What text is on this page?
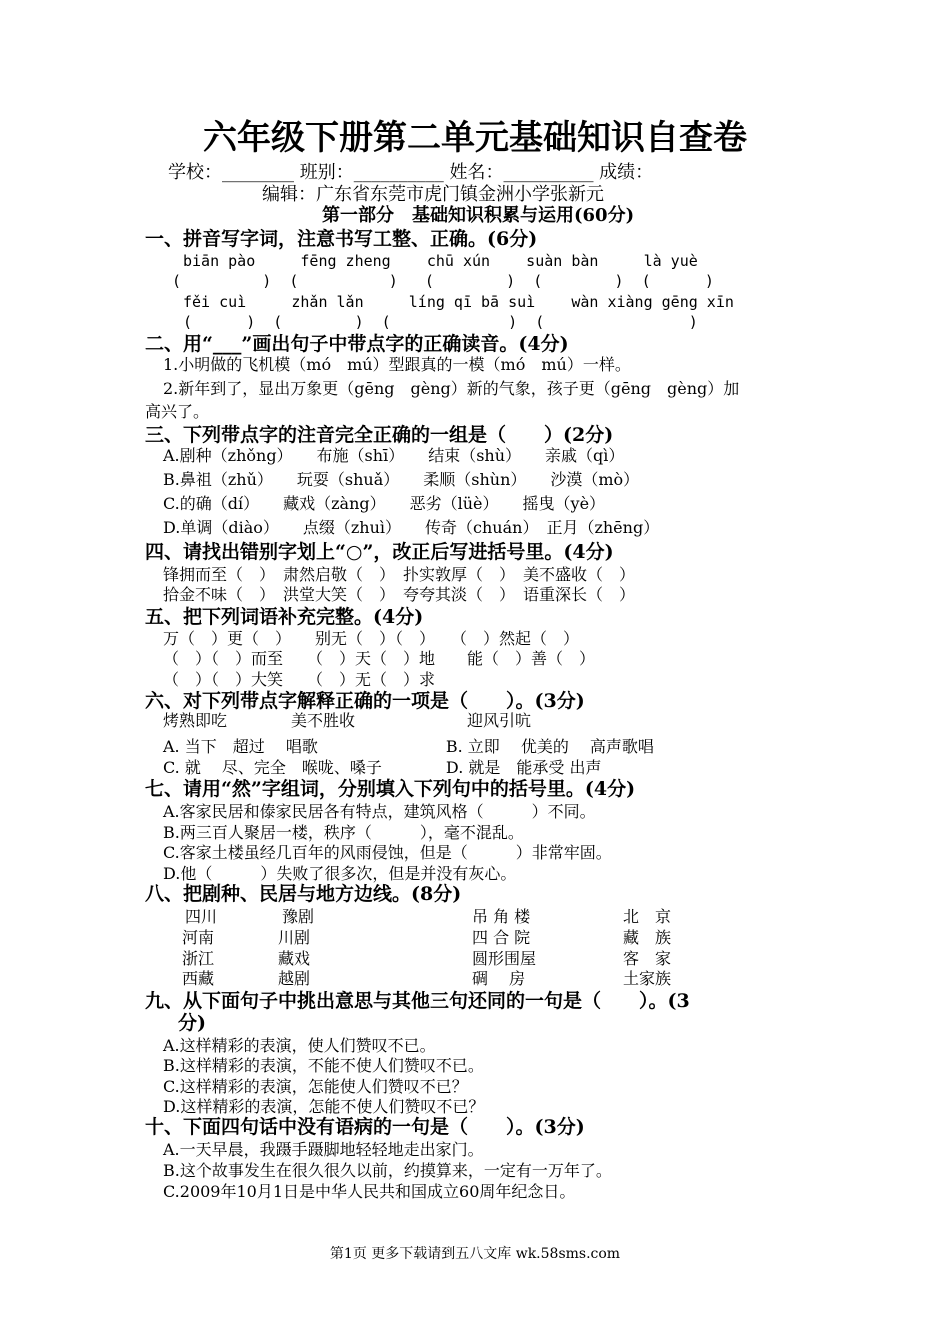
六年级下册第二单元基础知识自查卷
学校：________ 班别：__________ 姓名：__________ 成绩：
编辑：广东省东莞市虎门镇金洲小学张新元
第一部分　基础知识积累与运用(60分)
一、拼音写字词，注意书写工整、正确。(6分)
biān pào     fēng zheng    chū xún    suàn bàn     là yuè
(         )  (          )   (        )  (        )  (      )
fěi cuì     zhǎn lǎn     líng qī bā suì    wàn xiàng gēng xīn
(      )  (        )  (             )  (                )
二、用“___”画出句子中带点字的正确读音。(4分)
1.小明做的飞机模（mó　mú）型跟真的一模（mó　mú）一样。
2.新年到了，显出万象更（gēng　gèng）新的气象，孩子更（gēng　gèng）加
高兴了。
三、下列带点字的注音完全正确的一组是（　　）(2分)
A.剧种（zhǒng）　　布施（shī）　　结束（shù）　　亲戚（qì）
B.鼻祖（zhǔ）　　玩耍（shuǎ）　　柔顺（shùn）　　沙漠（mò）
C.的确（dí）　　藏戏（zàng）　　恶劣（lüè）　　摇曳（yè）
D.单调（diào）　　点缀（zhuì）　　传奇（chuán）　正月（zhēng）
四、请找出错别字划上“○”，改正后写进括号里。(4分)
锋拥而至（　）　肃然启敬（　）　扑实敦厚（　）　美不盛收（　）
拾金不味（　）　洪堂大笑（　）　夸夸其淡（　）　语重深长（　）
五、把下列词语补充完整。(4分)
万（　）更（　）　　别无（　）（　）　　（　）然起（　）
（　）（　）而至　　（　）天（　）地　　能（　）善（　）
（　）（　）大笑　　（　）无（　）求
六、对下列带点字解释正确的一项是（　　）。(3分)
烤熟即吃　　　　美不胜收　　　　　　　迎风引吭
A. 当下　超过　 唱歌　　　　　　　　B. 立即　 优美的　 高声歌唱
C. 就　 尽、完全　喉咙、嗓子　　　　D. 就是　能承受 出声
七、请用“然”字组词，分别填入下列句中的括号里。(4分)
A.客家民居和傣家民居各有特点，建筑风格（　　　）不同。
B.两三百人聚居一楼，秩序（　　　），毫不混乱。
C.客家土楼虽经几百年的风雨侵蚀，但是（　　　）非常牢固。
D.他（　　　）失败了很多次，但是并没有灰心。
八、把剧种、民居与地方边线。(8分)
四川
河南
浙江
西藏
豫剧
川剧
藏戏
越剧
吊 角 楼
四 合 院
圆形围屋
碉　 房
北　京
藏　族
客　家
土家族
九、从下面句子中挑出意思与其他三句还同的一句是（　　）。(3
分)
A.这样精彩的表演，使人们赞叹不已。
B.这样精彩的表演，不能不使人们赞叹不已。
C.这样精彩的表演，怎能使人们赞叹不已？
D.这样精彩的表演，怎能不使人们赞叹不已？
十、下面四句话中没有语病的一句是（　　）。(3分)
A.一天早晨，我蹑手蹑脚地轻轻地走出家门。
B.这个故事发生在很久很久以前，约摸算来，一定有一万年了。
C.2009年10月1日是中华人民共和国成立60周年纪念日。
第1页 更多下载请到五八文库 wk.58sms.com
